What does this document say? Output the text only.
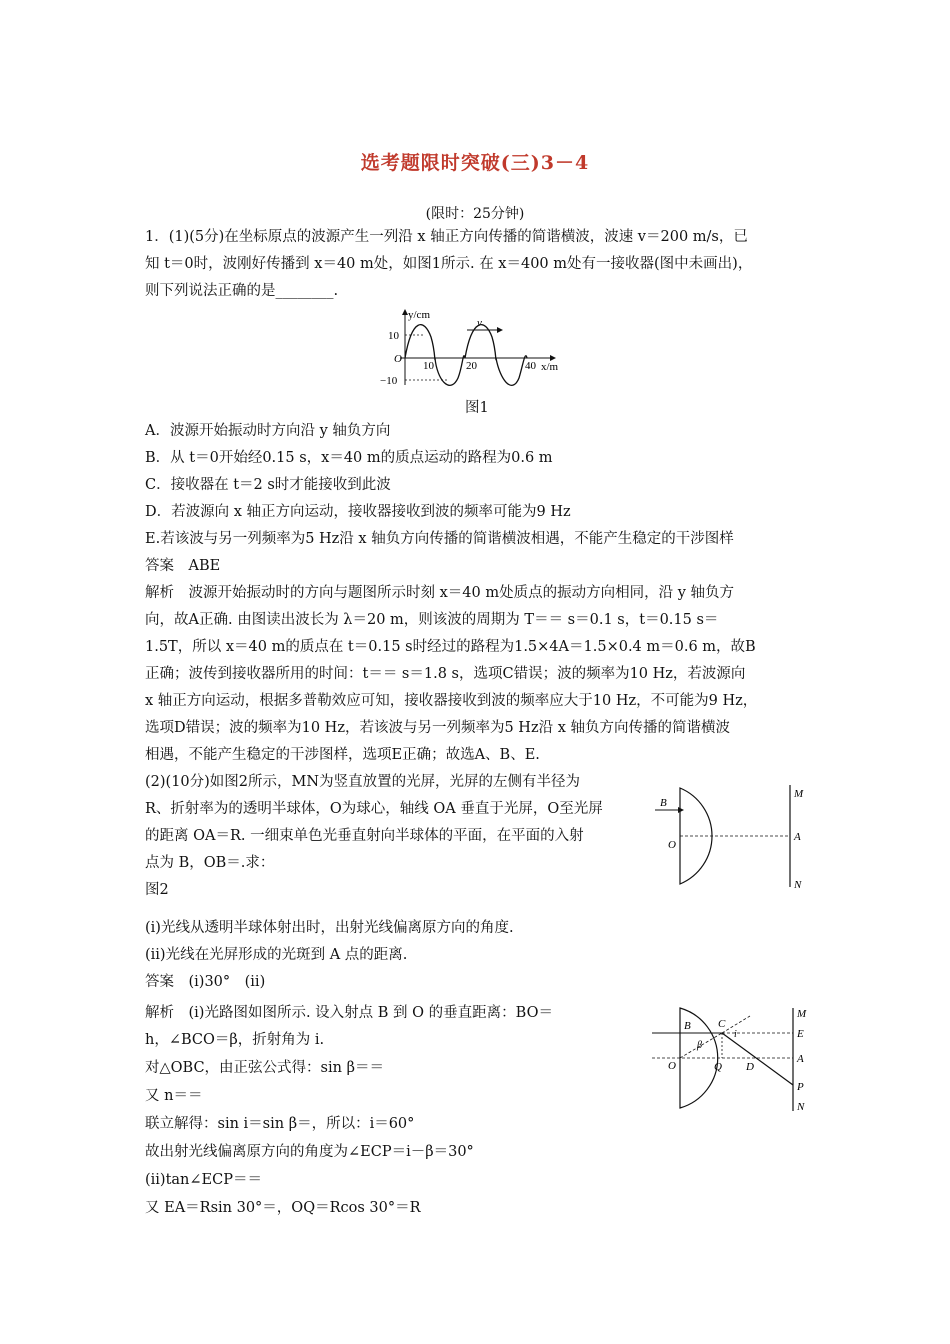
选考题限时突破(三)3－4
(限时：25分钟)
1．(1)(5分)在坐标原点的波源产生一列沿 x 轴正方向传播的简谐横波，波速 v＝200 m/s，已
知 t＝0时，波刚好传播到 x＝40 m处，如图1所示. 在 x＝400 m处有一接收器(图中未画出)，
则下列说法正确的是________.
v
y/cm
x/m
O
10
−10
10	20	40
图1
A．波源开始振动时方向沿 y 轴负方向
B．从 t＝0开始经0.15 s，x＝40 m的质点运动的路程为0.6 m
C．接收器在 t＝2 s时才能接收到此波
D．若波源向 x 轴正方向运动，接收器接收到波的频率可能为9 Hz
E.若该波与另一列频率为5 Hz沿 x 轴负方向传播的简谐横波相遇，不能产生稳定的干涉图样
答案　ABE
解析　波源开始振动时的方向与题图所示时刻 x＝40 m处质点的振动方向相同，沿 y 轴负方
向，故A正确. 由图读出波长为 λ＝20 m，则该波的周期为 T＝＝ s＝0.1 s，t＝0.15 s＝
1.5T，所以 x＝40 m的质点在 t＝0.15 s时经过的路程为1.5×4A＝1.5×0.4 m＝0.6 m，故B
正确；波传到接收器所用的时间：t＝＝ s＝1.8 s，选项C错误；波的频率为10 Hz，若波源向
x 轴正方向运动，根据多普勒效应可知，接收器接收到波的频率应大于10 Hz，不可能为9 Hz，
选项D错误；波的频率为10 Hz，若该波与另一列频率为5 Hz沿 x 轴负方向传播的简谐横波
相遇，不能产生稳定的干涉图样，选项E正确；故选A、B、E.
(2)(10分)如图2所示，MN为竖直放置的光屏，光屏的左侧有半径为
R、折射率为的透明半球体，O为球心，轴线 OA 垂直于光屏，O至光屏
的距离 OA＝R. 一细束单色光垂直射向半球体的平面，在平面的入射
点为 B，OB＝.求：
图2
B
O
M
A
N
(ⅰ)光线从透明半球体射出时，出射光线偏离原方向的角度.
(ⅱ)光线在光屏形成的光斑到 A 点的距离.
答案　(ⅰ)30°　(ⅱ)
解析　(ⅰ)光路图如图所示. 设入射点 B 到 O 的垂直距离：BO＝
h，∠BCO＝β，折射角为 i.
对△OBC，由正弦公式得：sin β＝＝
又 n＝＝
联立解得：sin i＝sin β＝，所以：i＝60°
故出射光线偏离原方向的角度为∠ECP＝i－β＝30°
(ⅱ)tan∠ECP＝＝
又 EA＝Rsin 30°＝，OQ＝Rcos 30°＝R
B C
β
i
O	Q D
M
E
A
P
N
